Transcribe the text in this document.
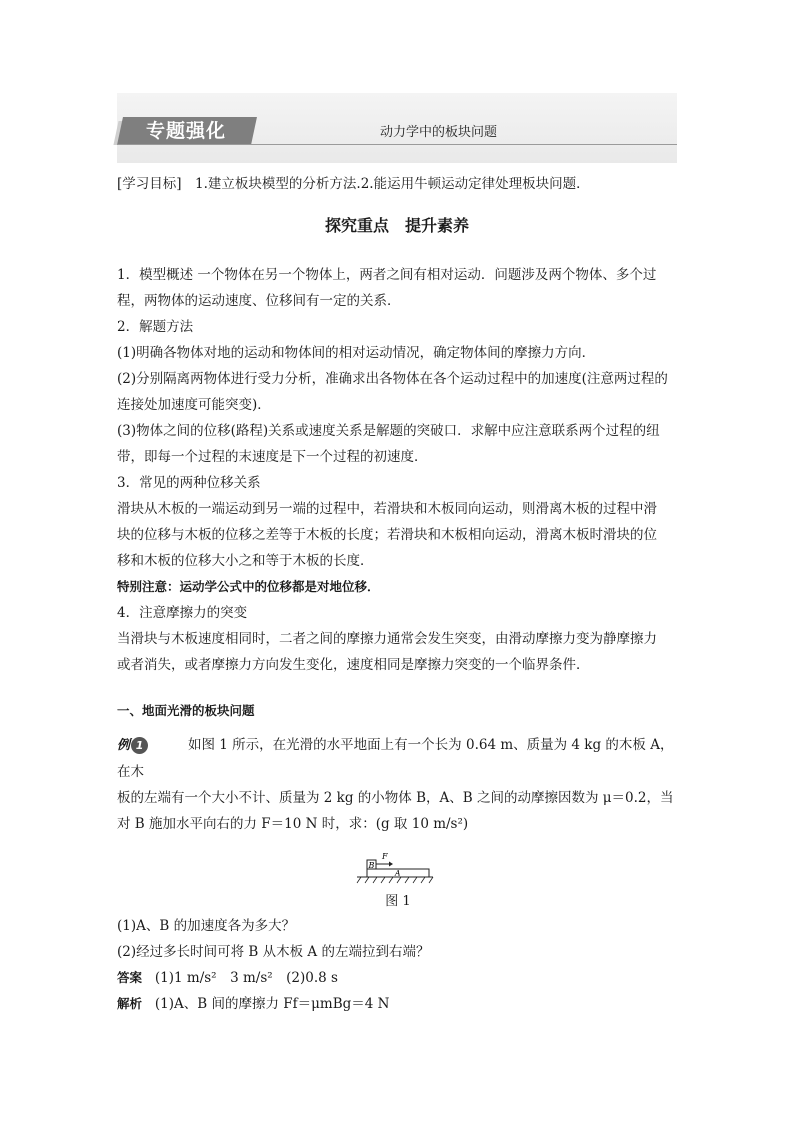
专题强化	动力学中的板块问题
[学习目标]　1.建立板块模型的分析方法.2.能运用牛顿运动定律处理板块问题．
探究重点　提升素养

1．模型概述 一个物体在另一个物体上，两者之间有相对运动．问题涉及两个物体、多个过

程，两物体的运动速度、位移间有一定的关系．

2．解题方法

(1)明确各物体对地的运动和物体间的相对运动情况，确定物体间的摩擦力方向．

(2)分别隔离两物体进行受力分析，准确求出各物体在各个运动过程中的加速度(注意两过程的

连接处加速度可能突变)．

(3)物体之间的位移(路程)关系或速度关系是解题的突破口．求解中应注意联系两个过程的纽

带，即每一个过程的末速度是下一个过程的初速度．

3．常见的两种位移关系

滑块从木板的一端运动到另一端的过程中，若滑块和木板同向运动，则滑离木板的过程中滑

块的位移与木板的位移之差等于木板的长度；若滑块和木板相向运动，滑离木板时滑块的位

移和木板的位移大小之和等于木板的长度．

特别注意：运动学公式中的位移都是对地位移．

4．注意摩擦力的突变

当滑块与木板速度相同时，二者之间的摩擦力通常会发生突变，由滑动摩擦力变为静摩擦力

或者消失，或者摩擦力方向发生变化，速度相同是摩擦力突变的一个临界条件．

一、地面光滑的板块问题

例 1	如图 1 所示，在光滑的水平地面上有一个长为 0.64 m、质量为 4 kg 的木板 A，在木

板的左端有一个大小不计、质量为 2 kg 的小物体 B，A、B 之间的动摩擦因数为 μ＝0.2，当

对 B 施加水平向右的力 F＝10 N 时，求：(g 取 10 m/s²)

B
F
A
图 1

(1)A、B 的加速度各为多大？

(2)经过多长时间可将 B 从木板 A 的左端拉到右端？

答案 (1)1 m/s²　3 m/s²　(2)0.8 s

解析 (1)A、B 间的摩擦力 Ff＝μmBg＝4 N
